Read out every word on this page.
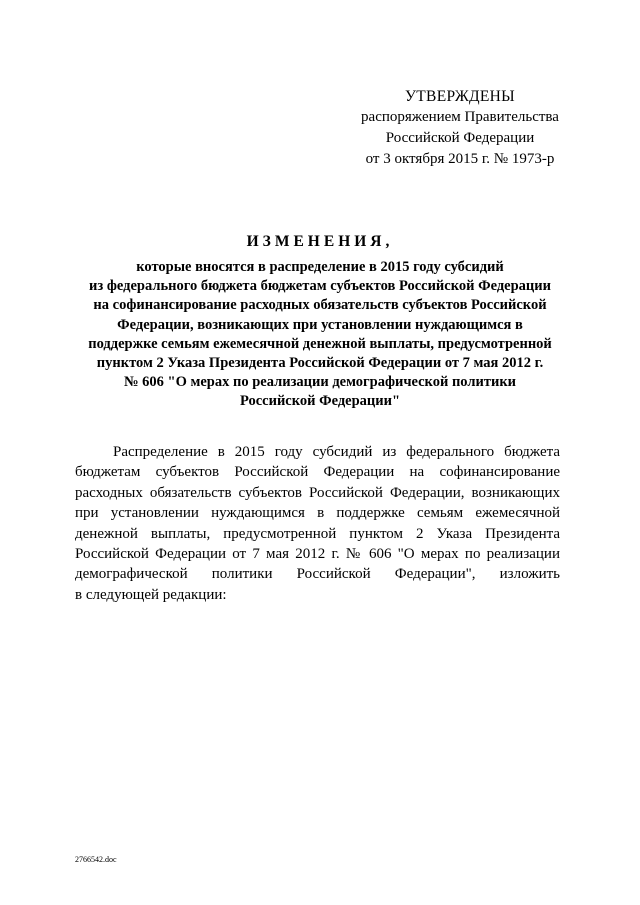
УТВЕРЖДЕНЫ
распоряжением Правительства
Российской Федерации
от 3 октября 2015 г. № 1973-р
ИЗМЕНЕНИЯ,
которые вносятся в распределение в 2015 году субсидий
из федерального бюджета бюджетам субъектов Российской Федерации
на софинансирование расходных обязательств субъектов Российской
Федерации, возникающих при установлении нуждающимся в
поддержке семьям ежемесячной денежной выплаты, предусмотренной
пунктом 2 Указа Президента Российской Федерации от 7 мая 2012 г.
№ 606 "О мерах по реализации демографической политики
Российской Федерации"
Распределение в 2015 году субсидий из федерального бюджета
бюджетам субъектов Российской Федерации на софинансирование
расходных обязательств субъектов Российской Федерации, возникающих
при установлении нуждающимся в поддержке семьям ежемесячной
денежной выплаты, предусмотренной пунктом 2 Указа Президента
Российской Федерации от 7 мая 2012 г. № 606 "О мерах по реализации
демографической политики Российской Федерации", изложить
в следующей редакции:
2766542.doc
